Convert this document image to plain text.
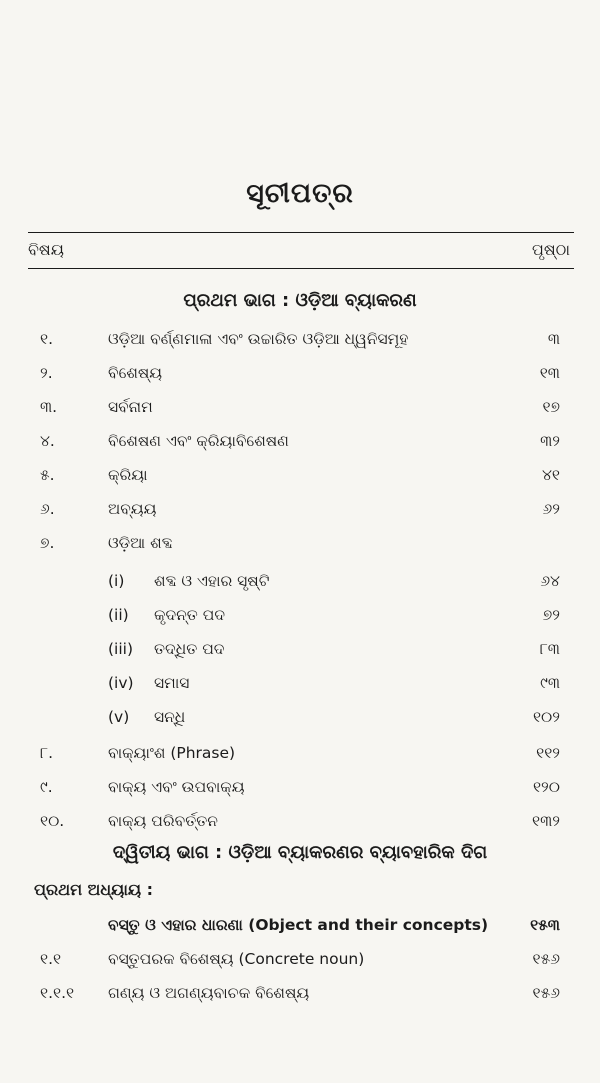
ସୂଚୀପତ୍ର
ବିଷୟ	ପୃଷ୍ଠା
ପ୍ରଥମ ଭାଗ : ଓଡ଼ିଆ ବ୍ୟାକରଣ
୧.	ଓଡ଼ିଆ ବର୍ଣ୍ଣମାଳା ଏବଂ ଉଚ୍ଚାରିତ ଓଡ଼ିଆ ଧ୍ୱନିସମୂହ	୩
୨.	ବିଶେଷ୍ୟ	୧୩
୩.	ସର୍ବନାମ	୧୭
୪.	ବିଶେଷଣ ଏବଂ କ୍ରିୟାବିଶେଷଣ	୩୨
୫.	କ୍ରିୟା	୪୧
୬.	ଅବ୍ୟୟ	୬୨
୭.	ଓଡ଼ିଆ ଶବ୍ଦ
(i)	ଶବ୍ଦ ଓ ଏହାର ସୃଷ୍ଟି	୬୪
(ii)	କୃଦନ୍ତ ପଦ	୭୨
(iii)	ତଦ୍ଧିତ ପଦ	୮୩
(iv)	ସମାସ	୯୩
(v)	ସନ୍ଧି	୧୦୨
୮.	ବାକ୍ୟାଂଶ (Phrase)	୧୧୨
୯.	ବାକ୍ୟ ଏବଂ ଉପବାକ୍ୟ	୧୨୦
୧୦.	ବାକ୍ୟ ପରିବର୍ତ୍ତନ	୧୩୨
ଦ୍ୱିତୀୟ ଭାଗ : ଓଡ଼ିଆ ବ୍ୟାକରଣର ବ୍ୟାବହାରିକ ଦିଗ
ପ୍ରଥମ ଅଧ୍ୟାୟ :
ବସ୍ତୁ ଓ ଏହାର ଧାରଣା (Object and their concepts)	୧୫୩
୧.୧	ବସ୍ତୁପରକ ବିଶେଷ୍ୟ (Concrete noun)	୧୫୬
୧.୧.୧ ଗଣ୍ୟ ଓ ଅଗଣ୍ୟବାଚକ ବିଶେଷ୍ୟ	୧୫୬
